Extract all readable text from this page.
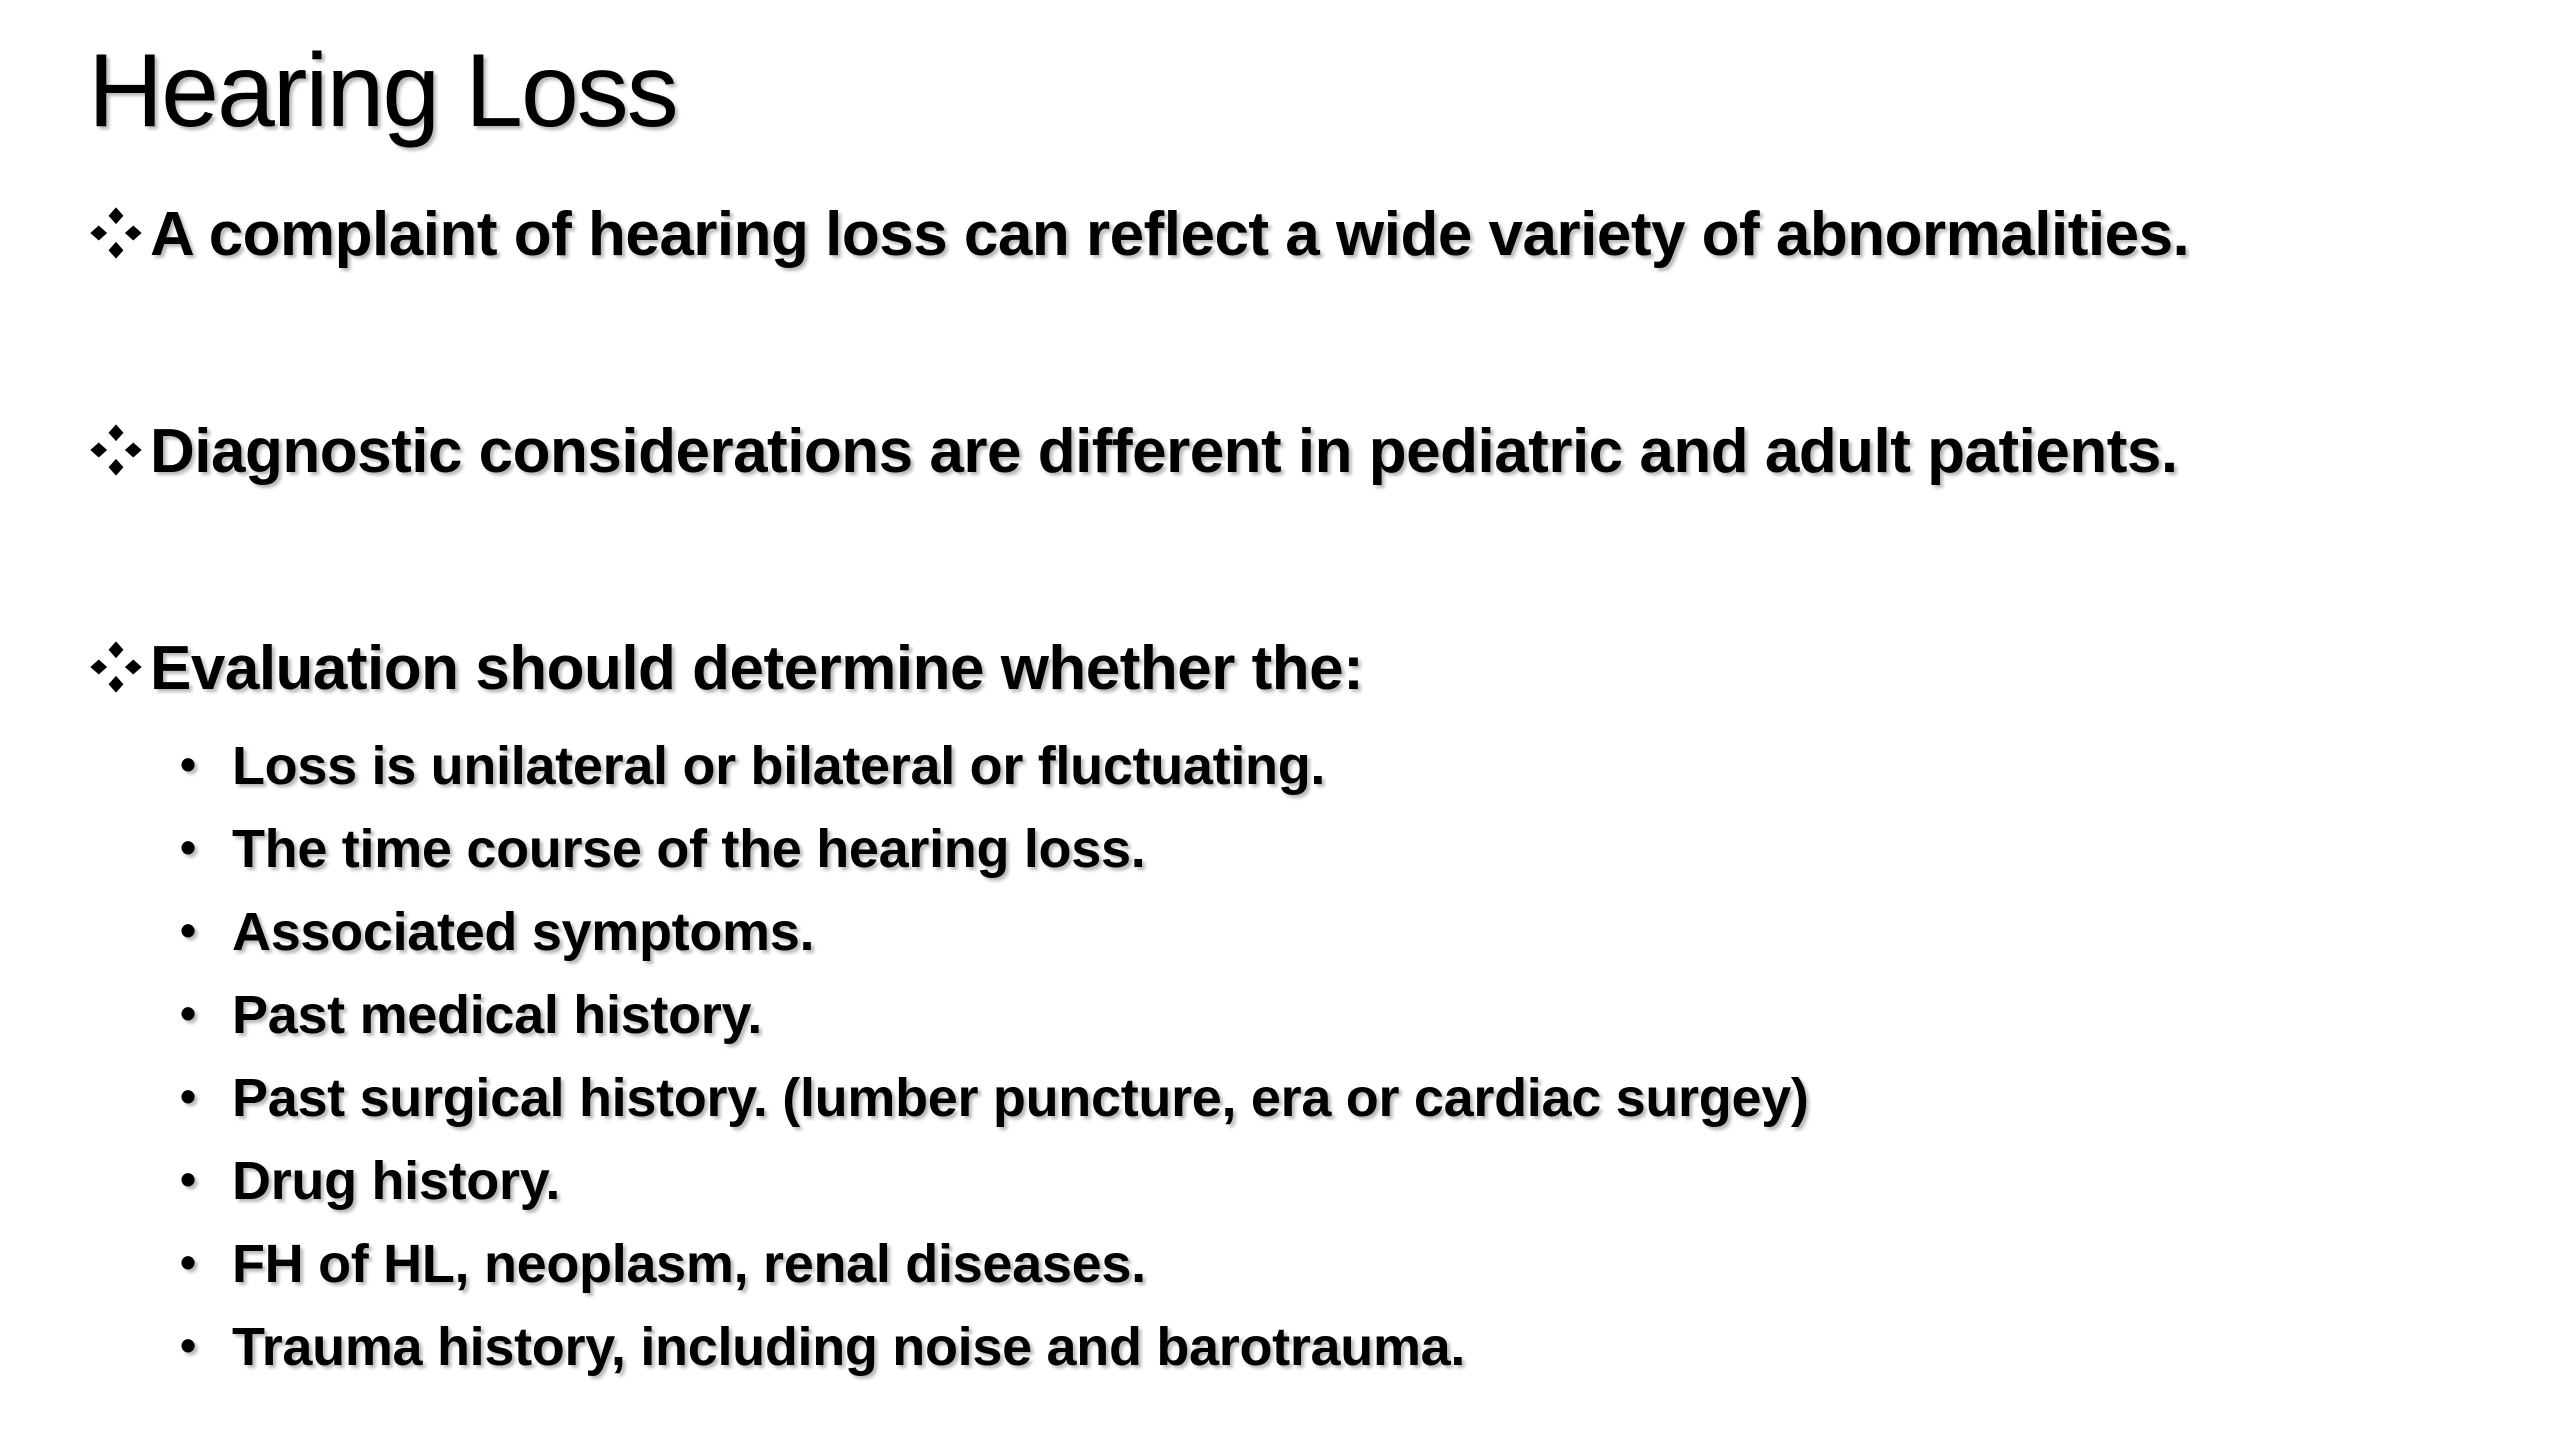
Hearing Loss
A complaint of hearing loss can reflect a wide variety of abnormalities.
Diagnostic considerations are different in pediatric and adult patients.
Evaluation should determine whether the:
• Loss is unilateral or bilateral or fluctuating.
• The time course of the hearing loss.
• Associated symptoms.
• Past medical history.
• Past surgical history. (lumber puncture, era or cardiac surgey)
• Drug history.
• FH of HL, neoplasm, renal diseases.
• Trauma history, including noise and barotrauma.
